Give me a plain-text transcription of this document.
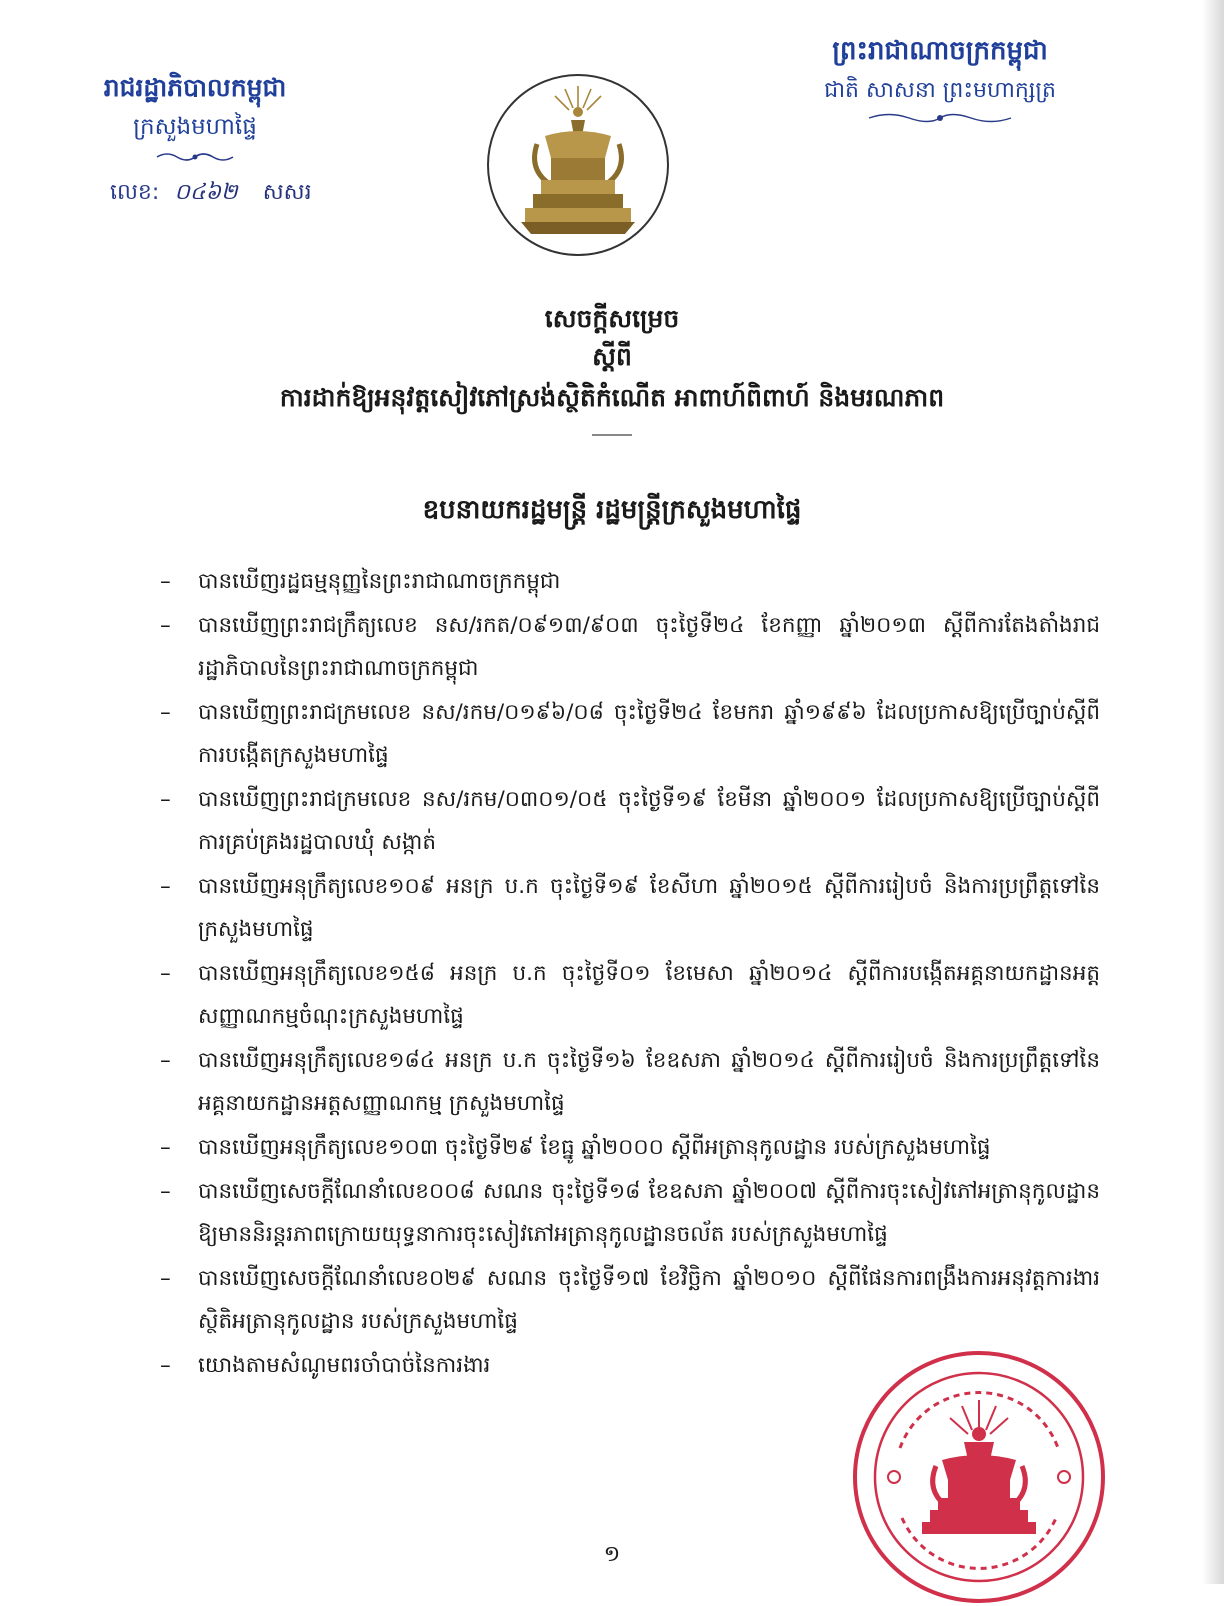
រាជរដ្ឋាភិបាលកម្ពុជា
ក្រសួងមហាផ្ទៃ
លេខ: ០៤៦២ សសរ
ព្រះរាជាណាចក្រកម្ពុជា
ជាតិ សាសនា ព្រះមហាក្សត្រ
សេចក្តីសម្រេច
ស្តីពី
ការដាក់ឱ្យអនុវត្តសៀវភៅស្រង់ស្ថិតិកំណើត អាពាហ៍ពិពាហ៍ និងមរណភាព
ឧបនាយករដ្ឋមន្ត្រី រដ្ឋមន្ត្រីក្រសួងមហាផ្ទៃ
– បានឃើញរដ្ឋធម្មនុញ្ញនៃព្រះរាជាណាចក្រកម្ពុជា
– បានឃើញព្រះរាជក្រឹត្យលេខ នស/រកត/០៩១៣/៩០៣ ចុះថ្ងៃទី២៤ ខែកញ្ញា ឆ្នាំ២០១៣ ស្តីពីការតែងតាំងរាជរដ្ឋាភិបាលនៃព្រះរាជាណាចក្រកម្ពុជា
– បានឃើញព្រះរាជក្រមលេខ នស/រកម/០១៩៦/០៨ ចុះថ្ងៃទី២៤ ខែមករា ឆ្នាំ១៩៩៦ ដែលប្រកាសឱ្យប្រើច្បាប់ស្តីពីការបង្កើតក្រសួងមហាផ្ទៃ
– បានឃើញព្រះរាជក្រមលេខ នស/រកម/០៣០១/០៥ ចុះថ្ងៃទី១៩ ខែមីនា ឆ្នាំ២០០១ ដែលប្រកាសឱ្យប្រើច្បាប់ស្តីពីការគ្រប់គ្រងរដ្ឋបាលឃុំ សង្កាត់
– បានឃើញអនុក្រឹត្យលេខ១០៩ អនក្រ ប.ក ចុះថ្ងៃទី១៩ ខែសីហា ឆ្នាំ២០១៥ ស្តីពីការរៀបចំ និងការប្រព្រឹត្តទៅនៃក្រសួងមហាផ្ទៃ
– បានឃើញអនុក្រឹត្យលេខ១៥៨ អនក្រ ប.ក ចុះថ្ងៃទី០១ ខែមេសា ឆ្នាំ២០១៤ ស្តីពីការបង្កើតអគ្គនាយកដ្ឋានអត្តសញ្ញាណកម្មចំណុះក្រសួងមហាផ្ទៃ
– បានឃើញអនុក្រឹត្យលេខ១៨៤ អនក្រ ប.ក ចុះថ្ងៃទី១៦ ខែឧសភា ឆ្នាំ២០១៤ ស្តីពីការរៀបចំ និងការប្រព្រឹត្តទៅនៃអគ្គនាយកដ្ឋានអត្តសញ្ញាណកម្ម ក្រសួងមហាផ្ទៃ
– បានឃើញអនុក្រឹត្យលេខ១០៣ ចុះថ្ងៃទី២៩ ខែធ្នូ ឆ្នាំ២០០០ ស្តីពីអត្រានុកូលដ្ឋាន របស់ក្រសួងមហាផ្ទៃ
– បានឃើញសេចក្តីណែនាំលេខ០០៨ សណន ចុះថ្ងៃទី១៨ ខែឧសភា ឆ្នាំ២០០៧ ស្តីពីការចុះសៀវភៅអត្រានុកូលដ្ឋានឱ្យមាននិរន្តរភាពក្រោយយុទ្ធនាការចុះសៀវភៅអត្រានុកូលដ្ឋានចល័ត របស់ក្រសួងមហាផ្ទៃ
– បានឃើញសេចក្តីណែនាំលេខ០២៩ សណន ចុះថ្ងៃទី១៧ ខែវិច្ឆិកា ឆ្នាំ២០១០ ស្តីពីផែនការពង្រឹងការអនុវត្តការងារស្ថិតិអត្រានុកូលដ្ឋាន របស់ក្រសួងមហាផ្ទៃ
– យោងតាមសំណូមពរចាំបាច់នៃការងារ
១
